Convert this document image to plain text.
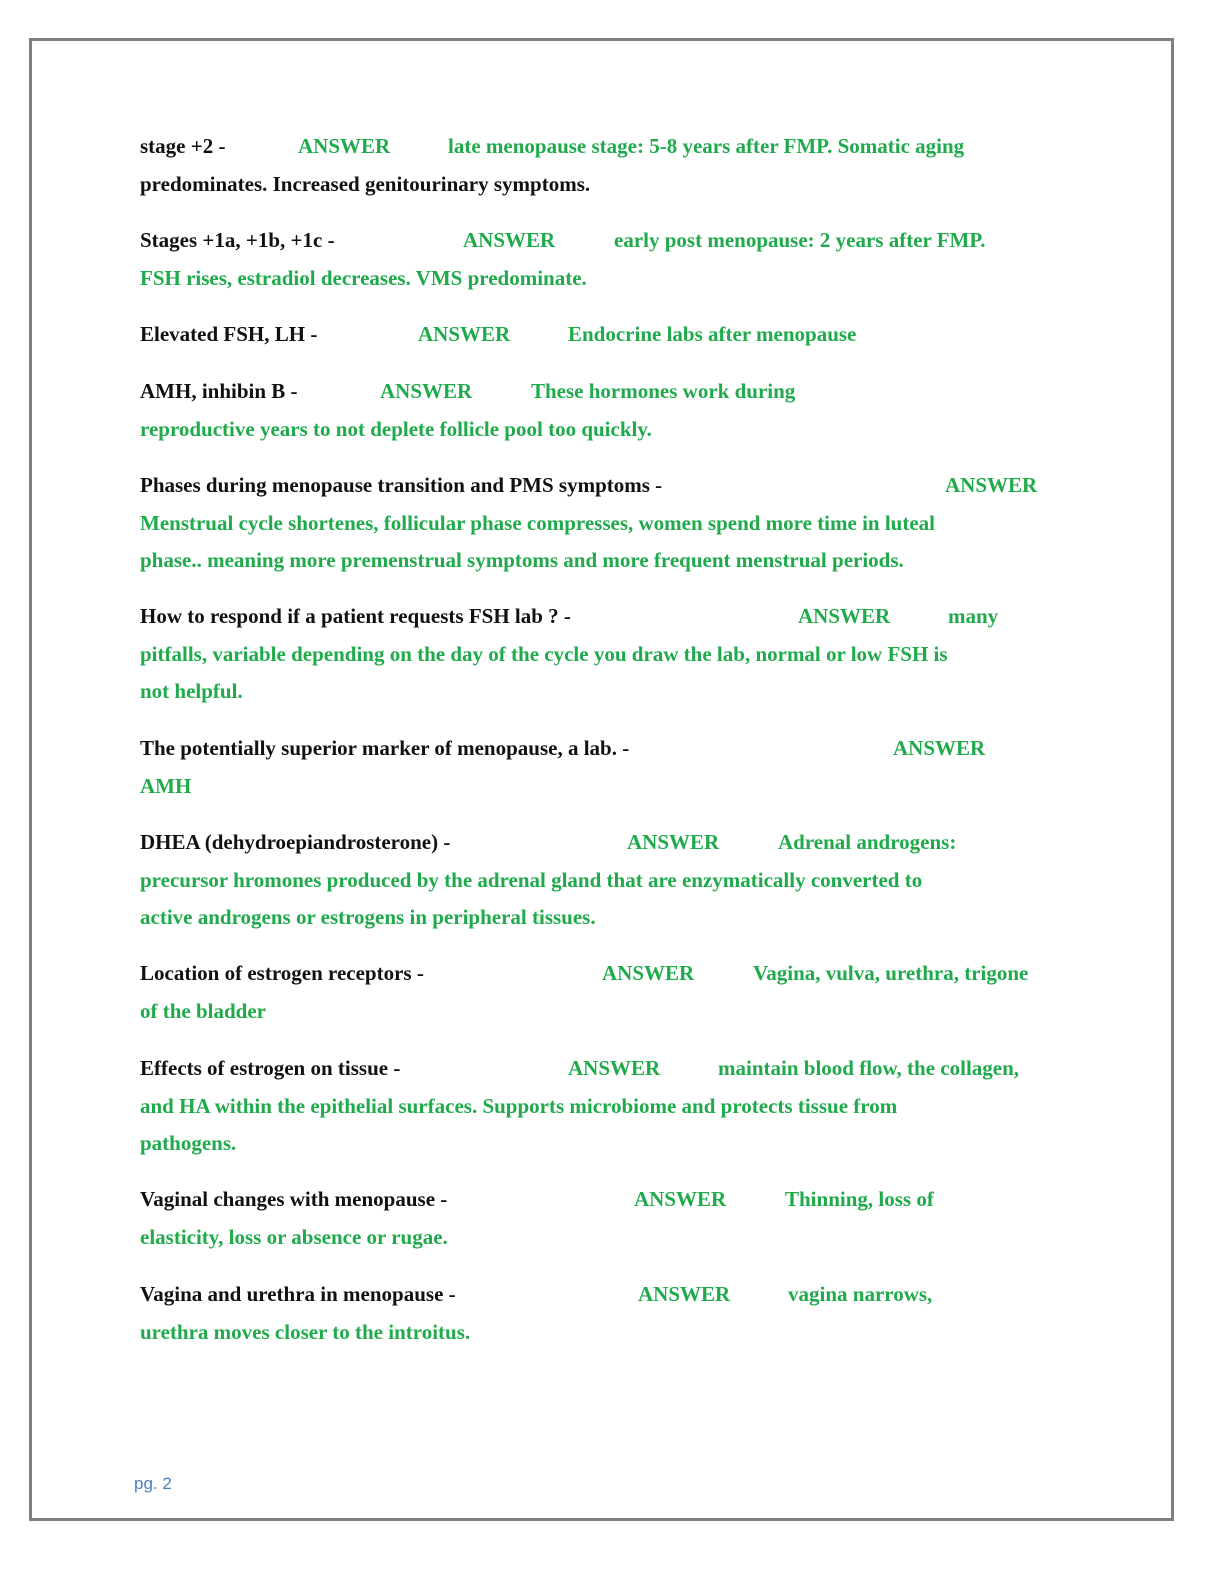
stage +2 -	ANSWER	late menopause stage: 5-8 years after FMP. Somatic aging
predominates. Increased genitourinary symptoms.
Stages +1a, +1b, +1c -	ANSWER	early post menopause: 2 years after FMP.
FSH rises, estradiol decreases. VMS predominate.
Elevated FSH, LH -	ANSWER	Endocrine labs after menopause
AMH, inhibin B -	ANSWER	These hormones work during
reproductive years to not deplete follicle pool too quickly.
Phases during menopause transition and PMS symptoms -	ANSWER
Menstrual cycle shortenes, follicular phase compresses, women spend more time in luteal
phase.. meaning more premenstrual symptoms and more frequent menstrual periods.
How to respond if a patient requests FSH lab ? -	ANSWER	many
pitfalls, variable depending on the day of the cycle you draw the lab, normal or low FSH is
not helpful.
The potentially superior marker of menopause, a lab. -	ANSWER
AMH
DHEA (dehydroepiandrosterone) -	ANSWER	Adrenal androgens:
precursor hromones produced by the adrenal gland that are enzymatically converted to
active androgens or estrogens in peripheral tissues.
Location of estrogen receptors -	ANSWER	Vagina, vulva, urethra, trigone
of the bladder
Effects of estrogen on tissue -	ANSWER	maintain blood flow, the collagen,
and HA within the epithelial surfaces. Supports microbiome and protects tissue from
pathogens.
Vaginal changes with menopause -	ANSWER	Thinning, loss of
elasticity, loss or absence or rugae.
Vagina and urethra in menopause -	ANSWER	vagina narrows,
urethra moves closer to the introitus.
pg. 2
